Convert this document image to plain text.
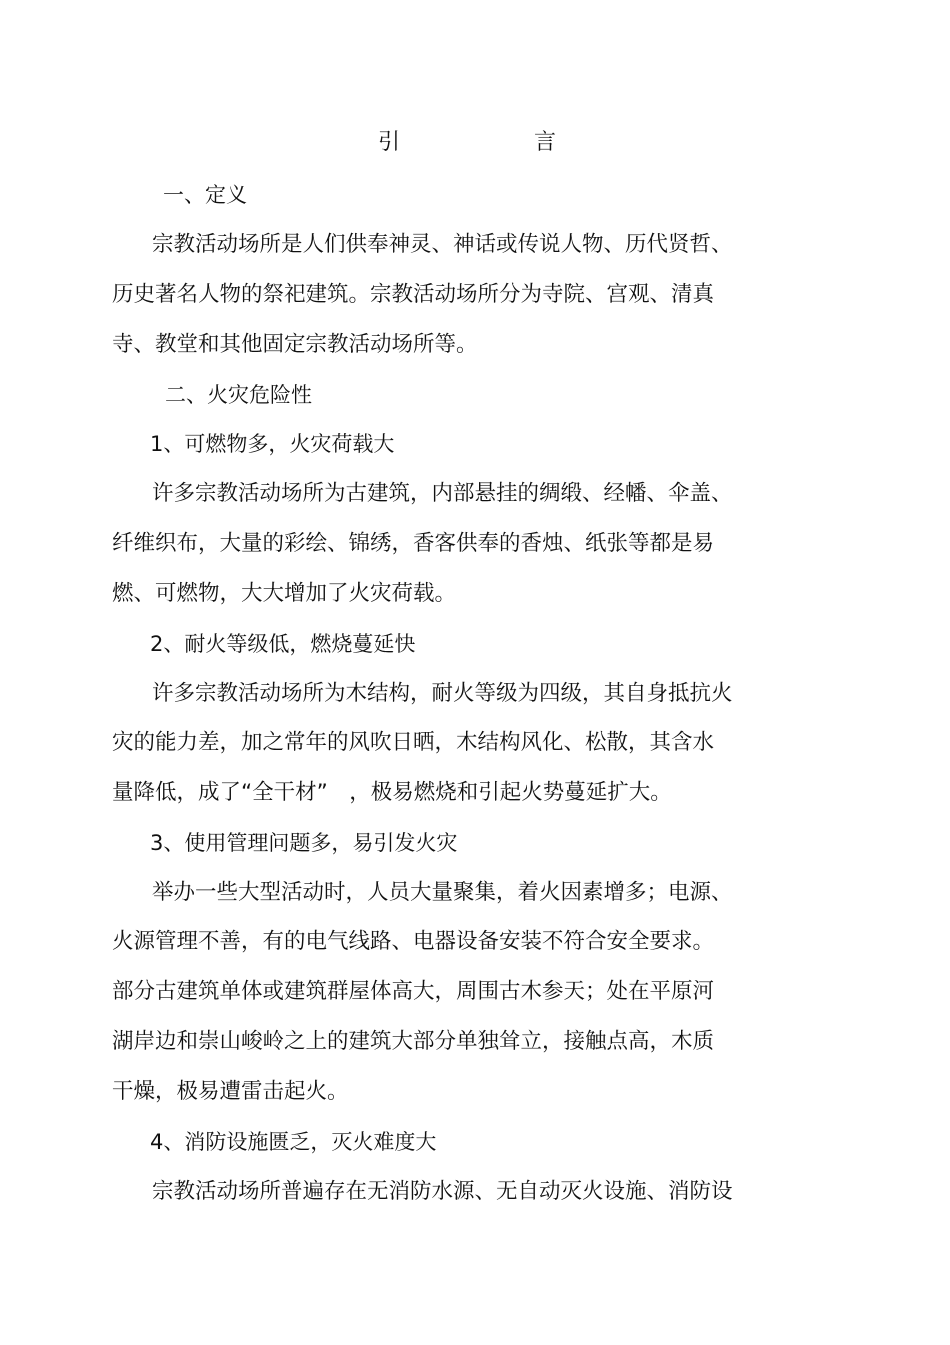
引　言
一、定义
宗教活动场所是人们供奉神灵、神话或传说人物、历代贤哲、
历史著名人物的祭祀建筑。宗教活动场所分为寺院、宫观、清真
寺、教堂和其他固定宗教活动场所等。
二、火灾危险性
1、可燃物多，火灾荷载大
许多宗教活动场所为古建筑，内部悬挂的绸缎、经幡、伞盖、
纤维织布，大量的彩绘、锦绣，香客供奉的香烛、纸张等都是易
燃、可燃物，大大增加了火灾荷载。
2、耐火等级低，燃烧蔓延快
许多宗教活动场所为木结构，耐火等级为四级，其自身抵抗火
灾的能力差，加之常年的风吹日晒，木结构风化、松散，其含水
量降低，成了“全干材”　，极易燃烧和引起火势蔓延扩大。
3、使用管理问题多，易引发火灾
举办一些大型活动时，人员大量聚集，着火因素增多；电源、
火源管理不善，有的电气线路、电器设备安装不符合安全要求。
部分古建筑单体或建筑群屋体高大，周围古木参天；处在平原河
湖岸边和崇山峻岭之上的建筑大部分单独耸立，接触点高，木质
干燥，极易遭雷击起火。
4、消防设施匮乏，灭火难度大
宗教活动场所普遍存在无消防水源、无自动灭火设施、消防设
